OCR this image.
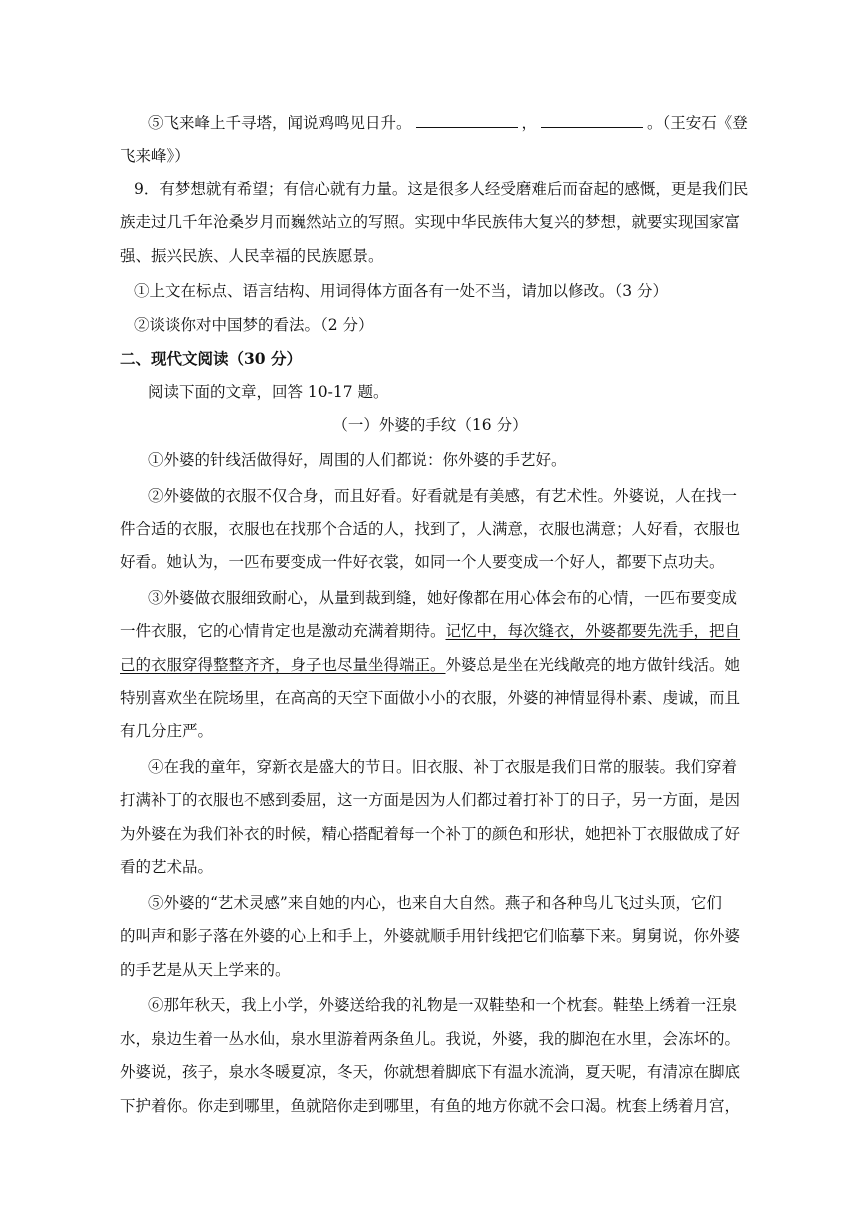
⑤飞来峰上千寻塔，闻说鸡鸣见日升。	，	。（王安石《登
飞来峰》）
9．有梦想就有希望；有信心就有力量。这是很多人经受磨难后而奋起的感慨，更是我们民
族走过几千年沧桑岁月而巍然站立的写照。实现中华民族伟大复兴的梦想，就要实现国家富
强、振兴民族、人民幸福的民族愿景。
①上文在标点、语言结构、用词得体方面各有一处不当，请加以修改。（3 分）
②谈谈你对中国梦的看法。（2 分）
二、现代文阅读（30 分）
阅读下面的文章，回答 10-17 题。
（一）外婆的手纹（16 分）
①外婆的针线活做得好，周围的人们都说：你外婆的手艺好。
②外婆做的衣服不仅合身，而且好看。好看就是有美感，有艺术性。外婆说，人在找一
件合适的衣服，衣服也在找那个合适的人，找到了，人满意，衣服也满意；人好看，衣服也
好看。她认为，一匹布要变成一件好衣裳，如同一个人要变成一个好人，都要下点功夫。
③外婆做衣服细致耐心，从量到裁到缝，她好像都在用心体会布的心情，一匹布要变成
一件衣服，它的心情肯定也是激动充满着期待。记忆中，每次缝衣，外婆都要先洗手，把自
己的衣服穿得整整齐齐，身子也尽量坐得端正。外婆总是坐在光线敞亮的地方做针线活。她
特别喜欢坐在院场里，在高高的天空下面做小小的衣服，外婆的神情显得朴素、虔诚，而且
有几分庄严。
④在我的童年，穿新衣是盛大的节日。旧衣服、补丁衣服是我们日常的服装。我们穿着
打满补丁的衣服也不感到委屈，这一方面是因为人们都过着打补丁的日子，另一方面，是因
为外婆在为我们补衣的时候，精心搭配着每一个补丁的颜色和形状，她把补丁衣服做成了好
看的艺术品。
⑤外婆的“艺术灵感”来自她的内心，也来自大自然。燕子和各种鸟儿飞过头顶，它们
的叫声和影子落在外婆的心上和手上，外婆就顺手用针线把它们临摹下来。舅舅说，你外婆
的手艺是从天上学来的。
⑥那年秋天，我上小学，外婆送给我的礼物是一双鞋垫和一个枕套。鞋垫上绣着一汪泉
水，泉边生着一丛水仙，泉水里游着两条鱼儿。我说，外婆，我的脚泡在水里，会冻坏的。
外婆说，孩子，泉水冬暖夏凉，冬天，你就想着脚底下有温水流淌，夏天呢，有清凉在脚底
下护着你。你走到哪里，鱼就陪你走到哪里，有鱼的地方你就不会口渴。枕套上绣着月宫，
